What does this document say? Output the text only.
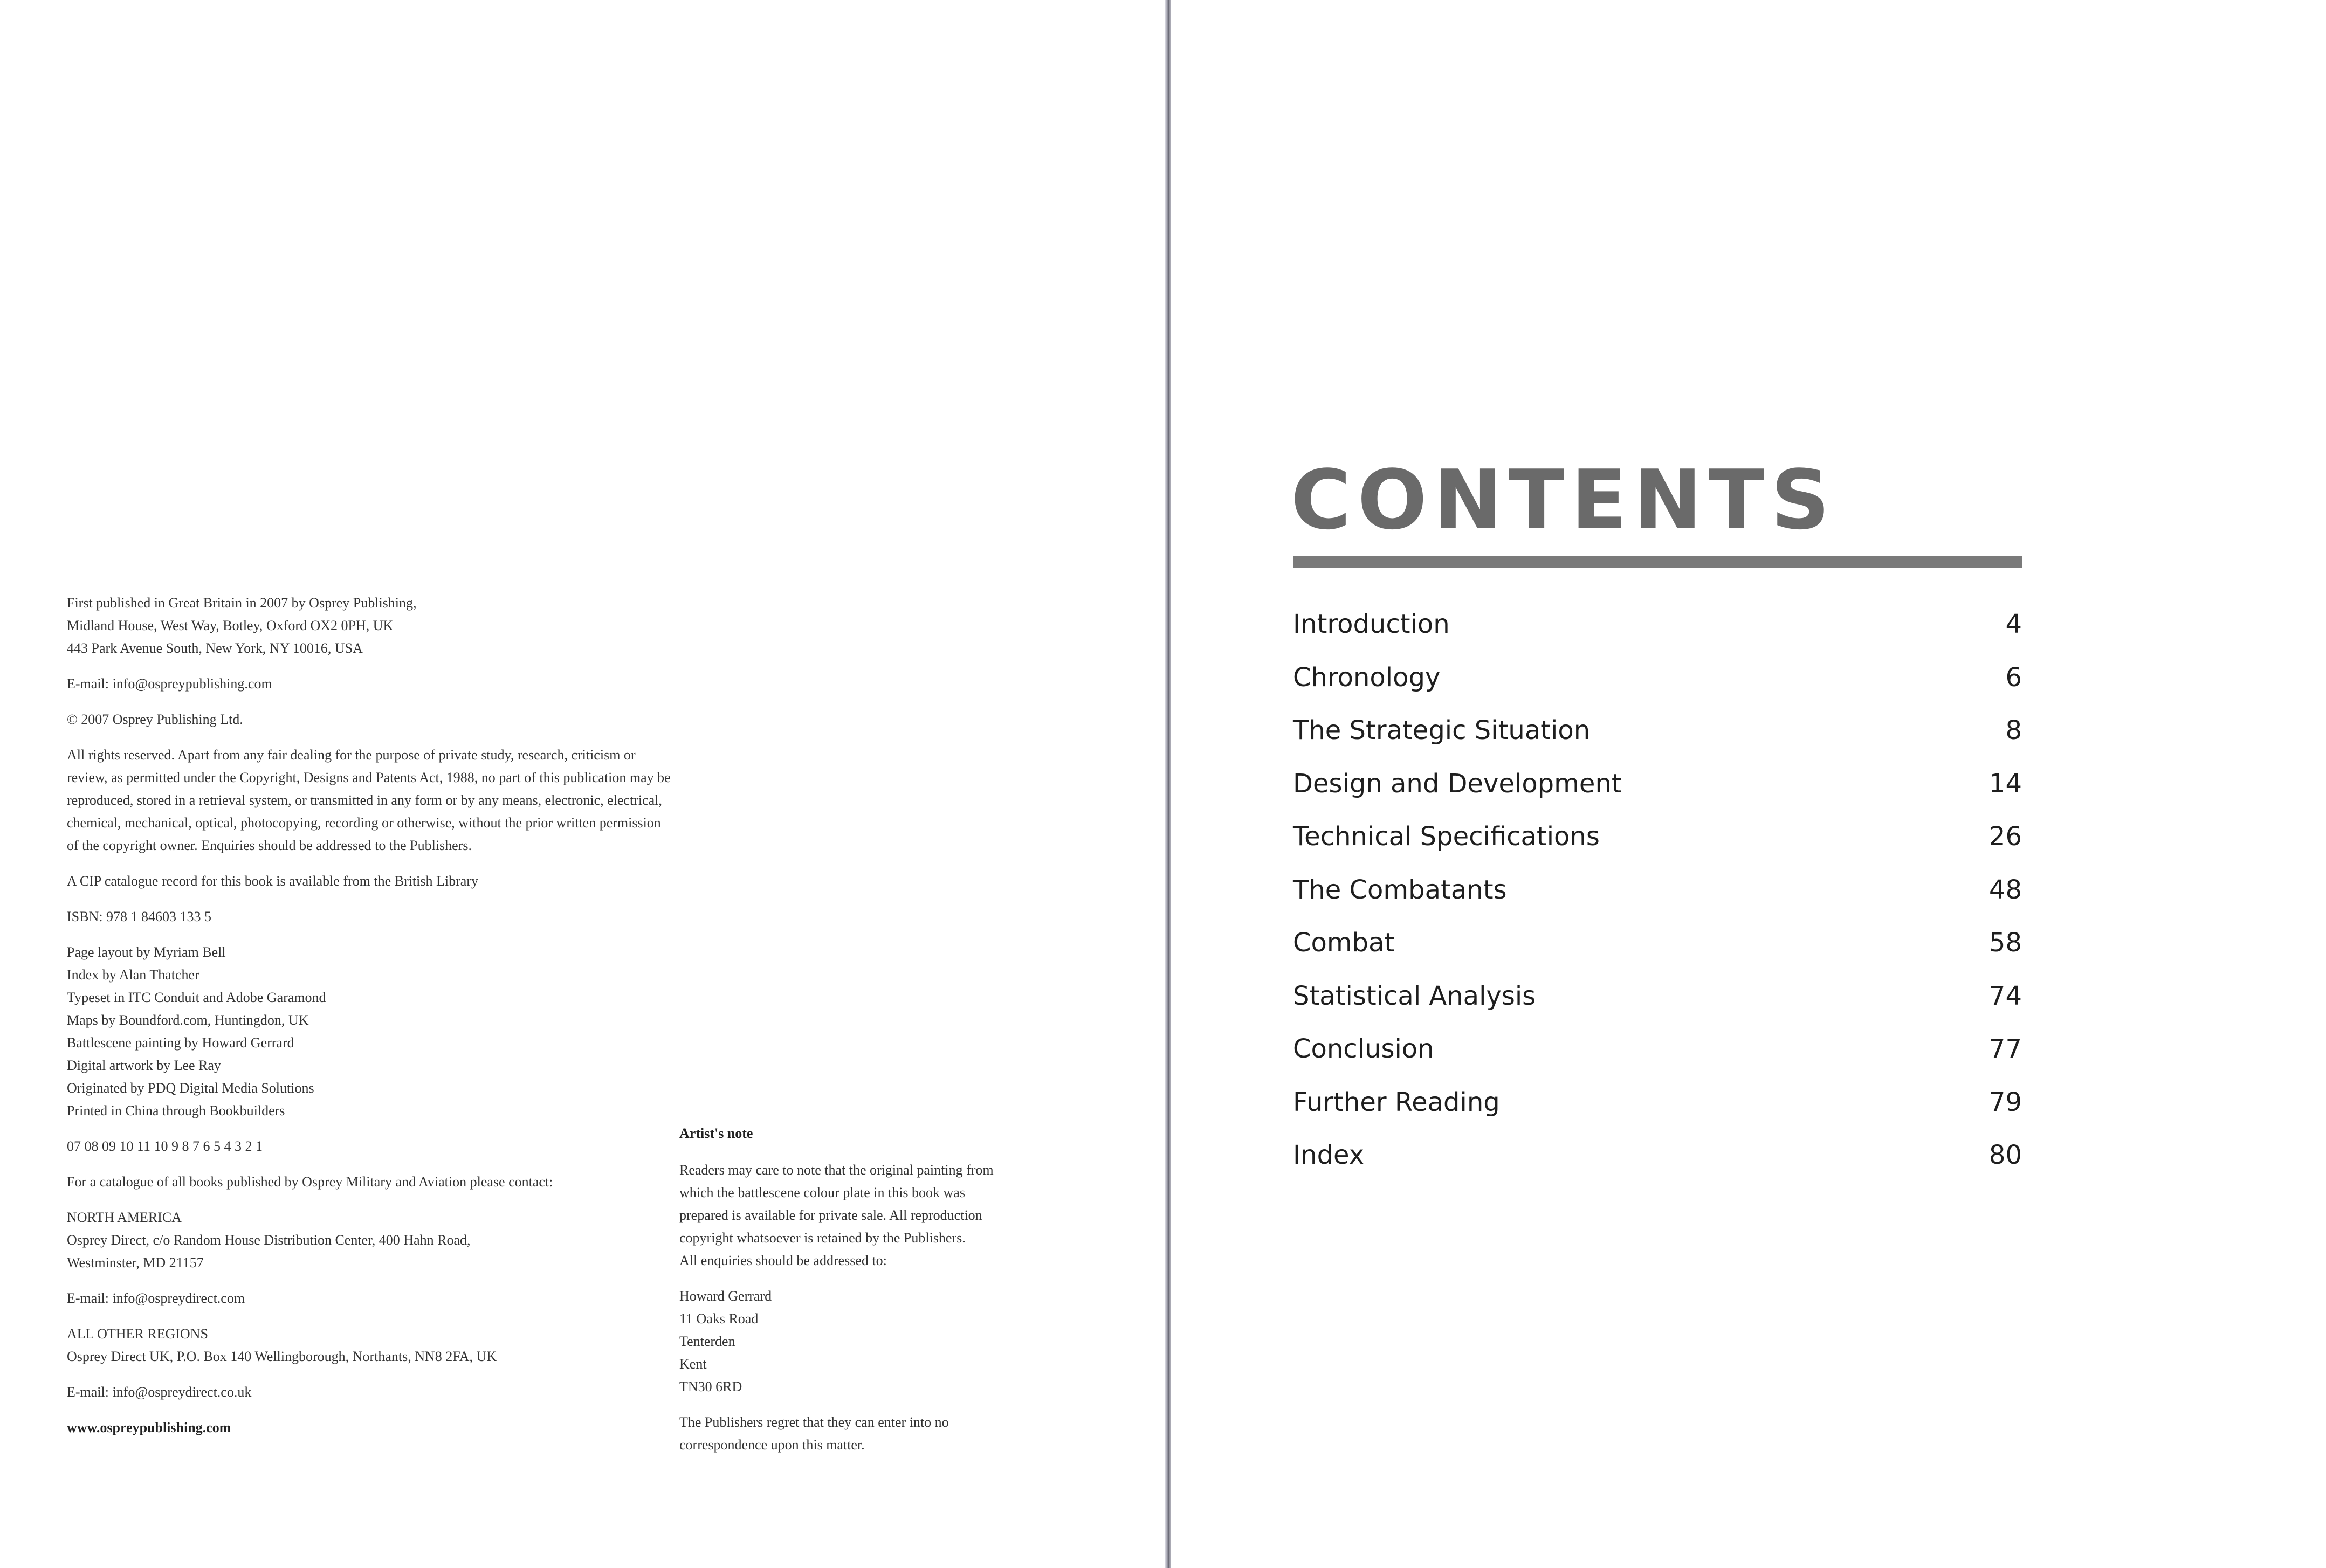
First published in Great Britain in 2007 by Osprey Publishing,
Midland House, West Way, Botley, Oxford OX2 0PH, UK
443 Park Avenue South, New York, NY 10016, USA

E-mail: info@ospreypublishing.com

© 2007 Osprey Publishing Ltd.

All rights reserved. Apart from any fair dealing for the purpose of private study, research, criticism or review, as permitted under the Copyright, Designs and Patents Act, 1988, no part of this publication may be reproduced, stored in a retrieval system, or transmitted in any form or by any means, electronic, electrical, chemical, mechanical, optical, photocopying, recording or otherwise, without the prior written permission of the copyright owner. Enquiries should be addressed to the Publishers.

A CIP catalogue record for this book is available from the British Library

ISBN: 978 1 84603 133 5

Page layout by Myriam Bell
Index by Alan Thatcher
Typeset in ITC Conduit and Adobe Garamond
Maps by Boundford.com, Huntingdon, UK
Battlescene painting by Howard Gerrard
Digital artwork by Lee Ray
Originated by PDQ Digital Media Solutions
Printed in China through Bookbuilders

07 08 09 10 11 10 9 8 7 6 5 4 3 2 1

For a catalogue of all books published by Osprey Military and Aviation please contact:

NORTH AMERICA
Osprey Direct, c/o Random House Distribution Center, 400 Hahn Road,
Westminster, MD 21157

E-mail: info@ospreydirect.com

ALL OTHER REGIONS
Osprey Direct UK, P.O. Box 140 Wellingborough, Northants, NN8 2FA, UK

E-mail: info@ospreydirect.co.uk

www.ospreypublishing.com

Artist's note

Readers may care to note that the original painting from
which the battlescene colour plate in this book was
prepared is available for private sale. All reproduction
copyright whatsoever is retained by the Publishers.
All enquiries should be addressed to:

Howard Gerrard
11 Oaks Road
Tenterden
Kent
TN30 6RD

The Publishers regret that they can enter into no
correspondence upon this matter.

CONTENTS
Introduction	4
Chronology	6
The Strategic Situation	8
Design and Development	14
Technical Specifications	26
The Combatants	48
Combat	58
Statistical Analysis	74
Conclusion	77
Further Reading	79
Index	80
